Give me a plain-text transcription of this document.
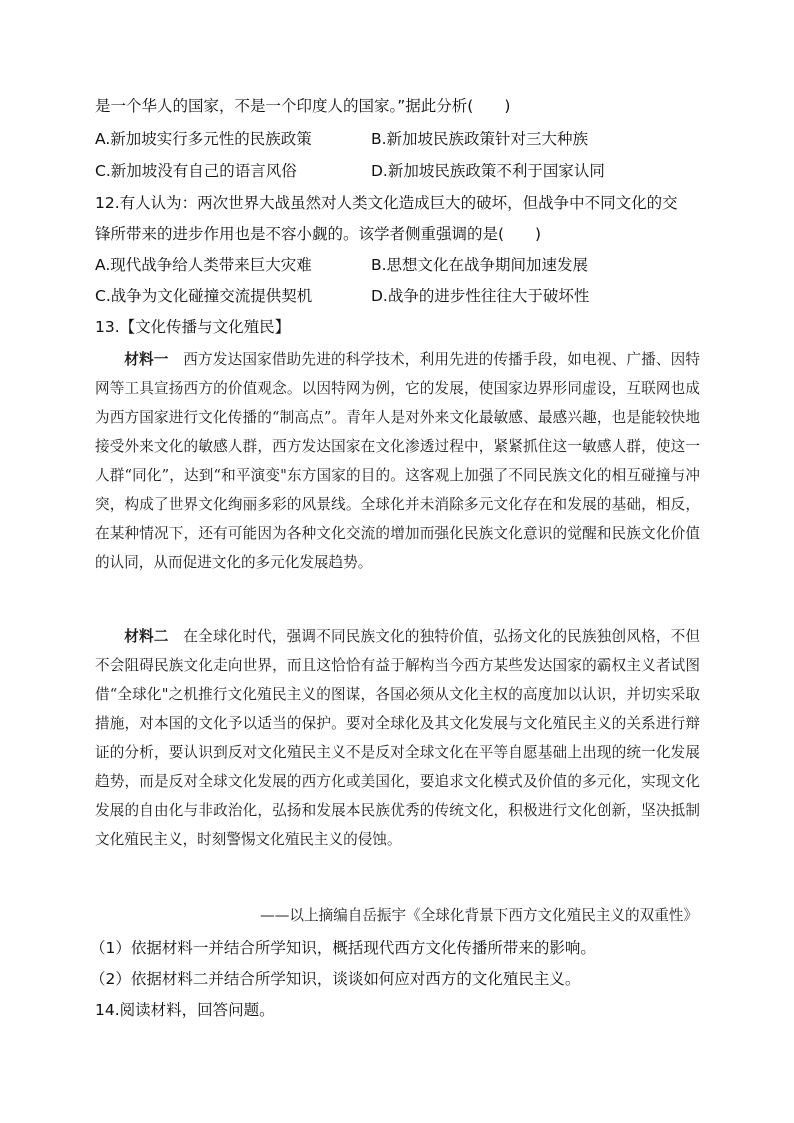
是一个华人的国家，不是一个印度人的国家。”据此分析(　　)
A.新加坡实行多元性的民族政策	B.新加坡民族政策针对三大种族
C.新加坡没有自己的语言风俗	D.新加坡民族政策不利于国家认同
12.有人认为：两次世界大战虽然对人类文化造成巨大的破坏，但战争中不同文化的交
锋所带来的进步作用也是不容小觑的。该学者侧重强调的是(　　)
A.现代战争给人类带来巨大灾难	B.思想文化在战争期间加速发展
C.战争为文化碰撞交流提供契机	D.战争的进步性往往大于破坏性
13.【文化传播与文化殖民】
材料一　 西方发达国家借助先进的科学技术，利用先进的传播手段，如电视、广播、因特网等工具宣扬西方的价值观念。以因特网为例，它的发展，使国家边界形同虚设，互联网也成为西方国家进行文化传播的“制高点”。青年人是对外来文化最敏感、最感兴趣，也是能较快地接受外来文化的敏感人群，西方发达国家在文化渗透过程中，紧紧抓住这一敏感人群，使这一人群“同化”，达到“和平演变"东方国家的目的。这客观上加强了不同民族文化的相互碰撞与冲突，构成了世界文化绚丽多彩的风景线。全球化并未消除多元文化存在和发展的基础，相反，在某种情况下，还有可能因为各种文化交流的增加而强化民族文化意识的觉醒和民族文化价值的认同，从而促进文化的多元化发展趋势。
材料二　 在全球化时代，强调不同民族文化的独特价值，弘扬文化的民族独创风格，不但不会阻碍民族文化走向世界，而且这恰恰有益于解构当今西方某些发达国家的霸权主义者试图借“全球化"之机推行文化殖民主义的图谋，各国必须从文化主权的高度加以认识，并切实采取措施，对本国的文化予以适当的保护。要对全球化及其文化发展与文化殖民主义的关系进行辩证的分析，要认识到反对文化殖民主义不是反对全球文化在平等自愿基础上出现的统一化发展趋势，而是反对全球文化发展的西方化或美国化，要追求文化模式及价值的多元化，实现文化发展的自由化与非政治化，弘扬和发展本民族优秀的传统文化，积极进行文化创新，坚决抵制文化殖民主义，时刻警惕文化殖民主义的侵蚀。
——以上摘编自岳振宇《全球化背景下西方文化殖民主义的双重性》
（1）依据材料一并结合所学知识，概括现代西方文化传播所带来的影响。
（2）依据材料二并结合所学知识，谈谈如何应对西方的文化殖民主义。
14.阅读材料，回答问题。
